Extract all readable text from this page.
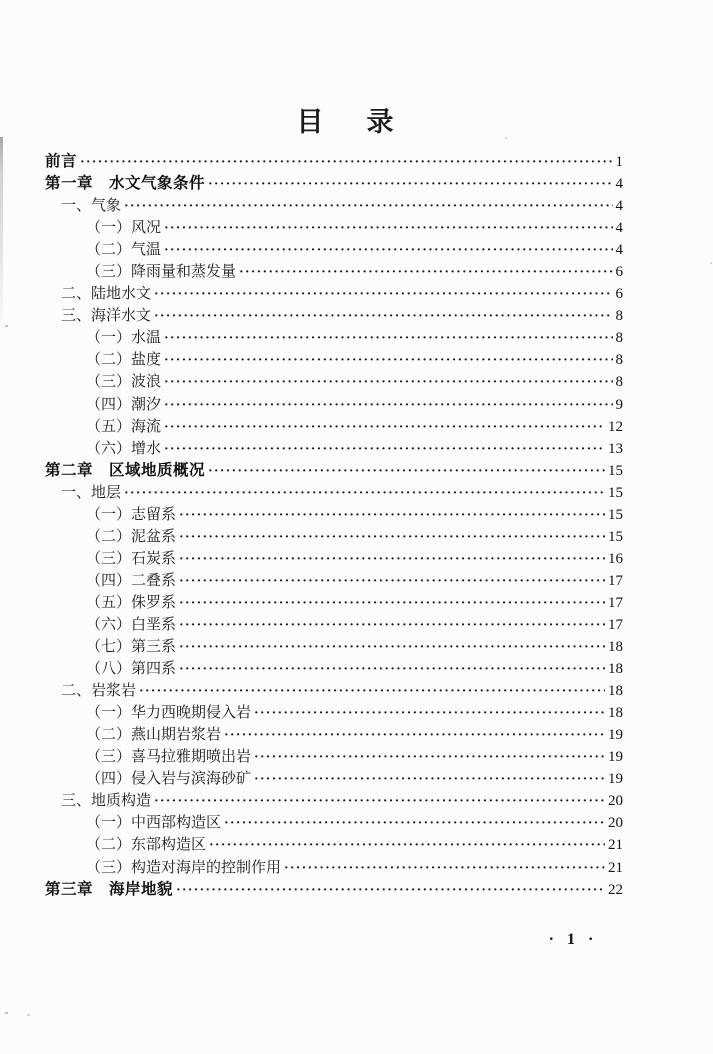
目　录
前言 ·····	1
第一章　水文气象条件 ·····	4
一、气象 ·····	4
（一）风况 ·····	4
（二）气温 ·····	4
（三）降雨量和蒸发量 ·····	6
二、陆地水文 ·····	6
三、海洋水文 ·····	8
（一）水温 ·····	8
（二）盐度 ·····	8
（三）波浪 ·····	8
（四）潮汐 ·····	9
（五）海流 ·····	12
（六）增水 ·····	13
第二章　区域地质概况 ·····	15
一、地层 ·····	15
（一）志留系 ·····	15
（二）泥盆系 ·····	15
（三）石炭系 ·····	16
（四）二叠系 ·····	17
（五）侏罗系 ·····	17
（六）白垩系 ·····	17
（七）第三系 ·····	18
（八）第四系 ·····	18
二、岩浆岩 ·····	18
（一）华力西晚期侵入岩 ·····	18
（二）燕山期岩浆岩 ·····	19
（三）喜马拉雅期喷出岩 ·····	19
（四）侵入岩与滨海砂矿 ·····	19
三、地质构造 ·····	20
（一）中西部构造区 ·····	20
（二）东部构造区 ·····	21
（三）构造对海岸的控制作用 ·····	21
第三章　海岸地貌 ·····	22
· 1 ·
